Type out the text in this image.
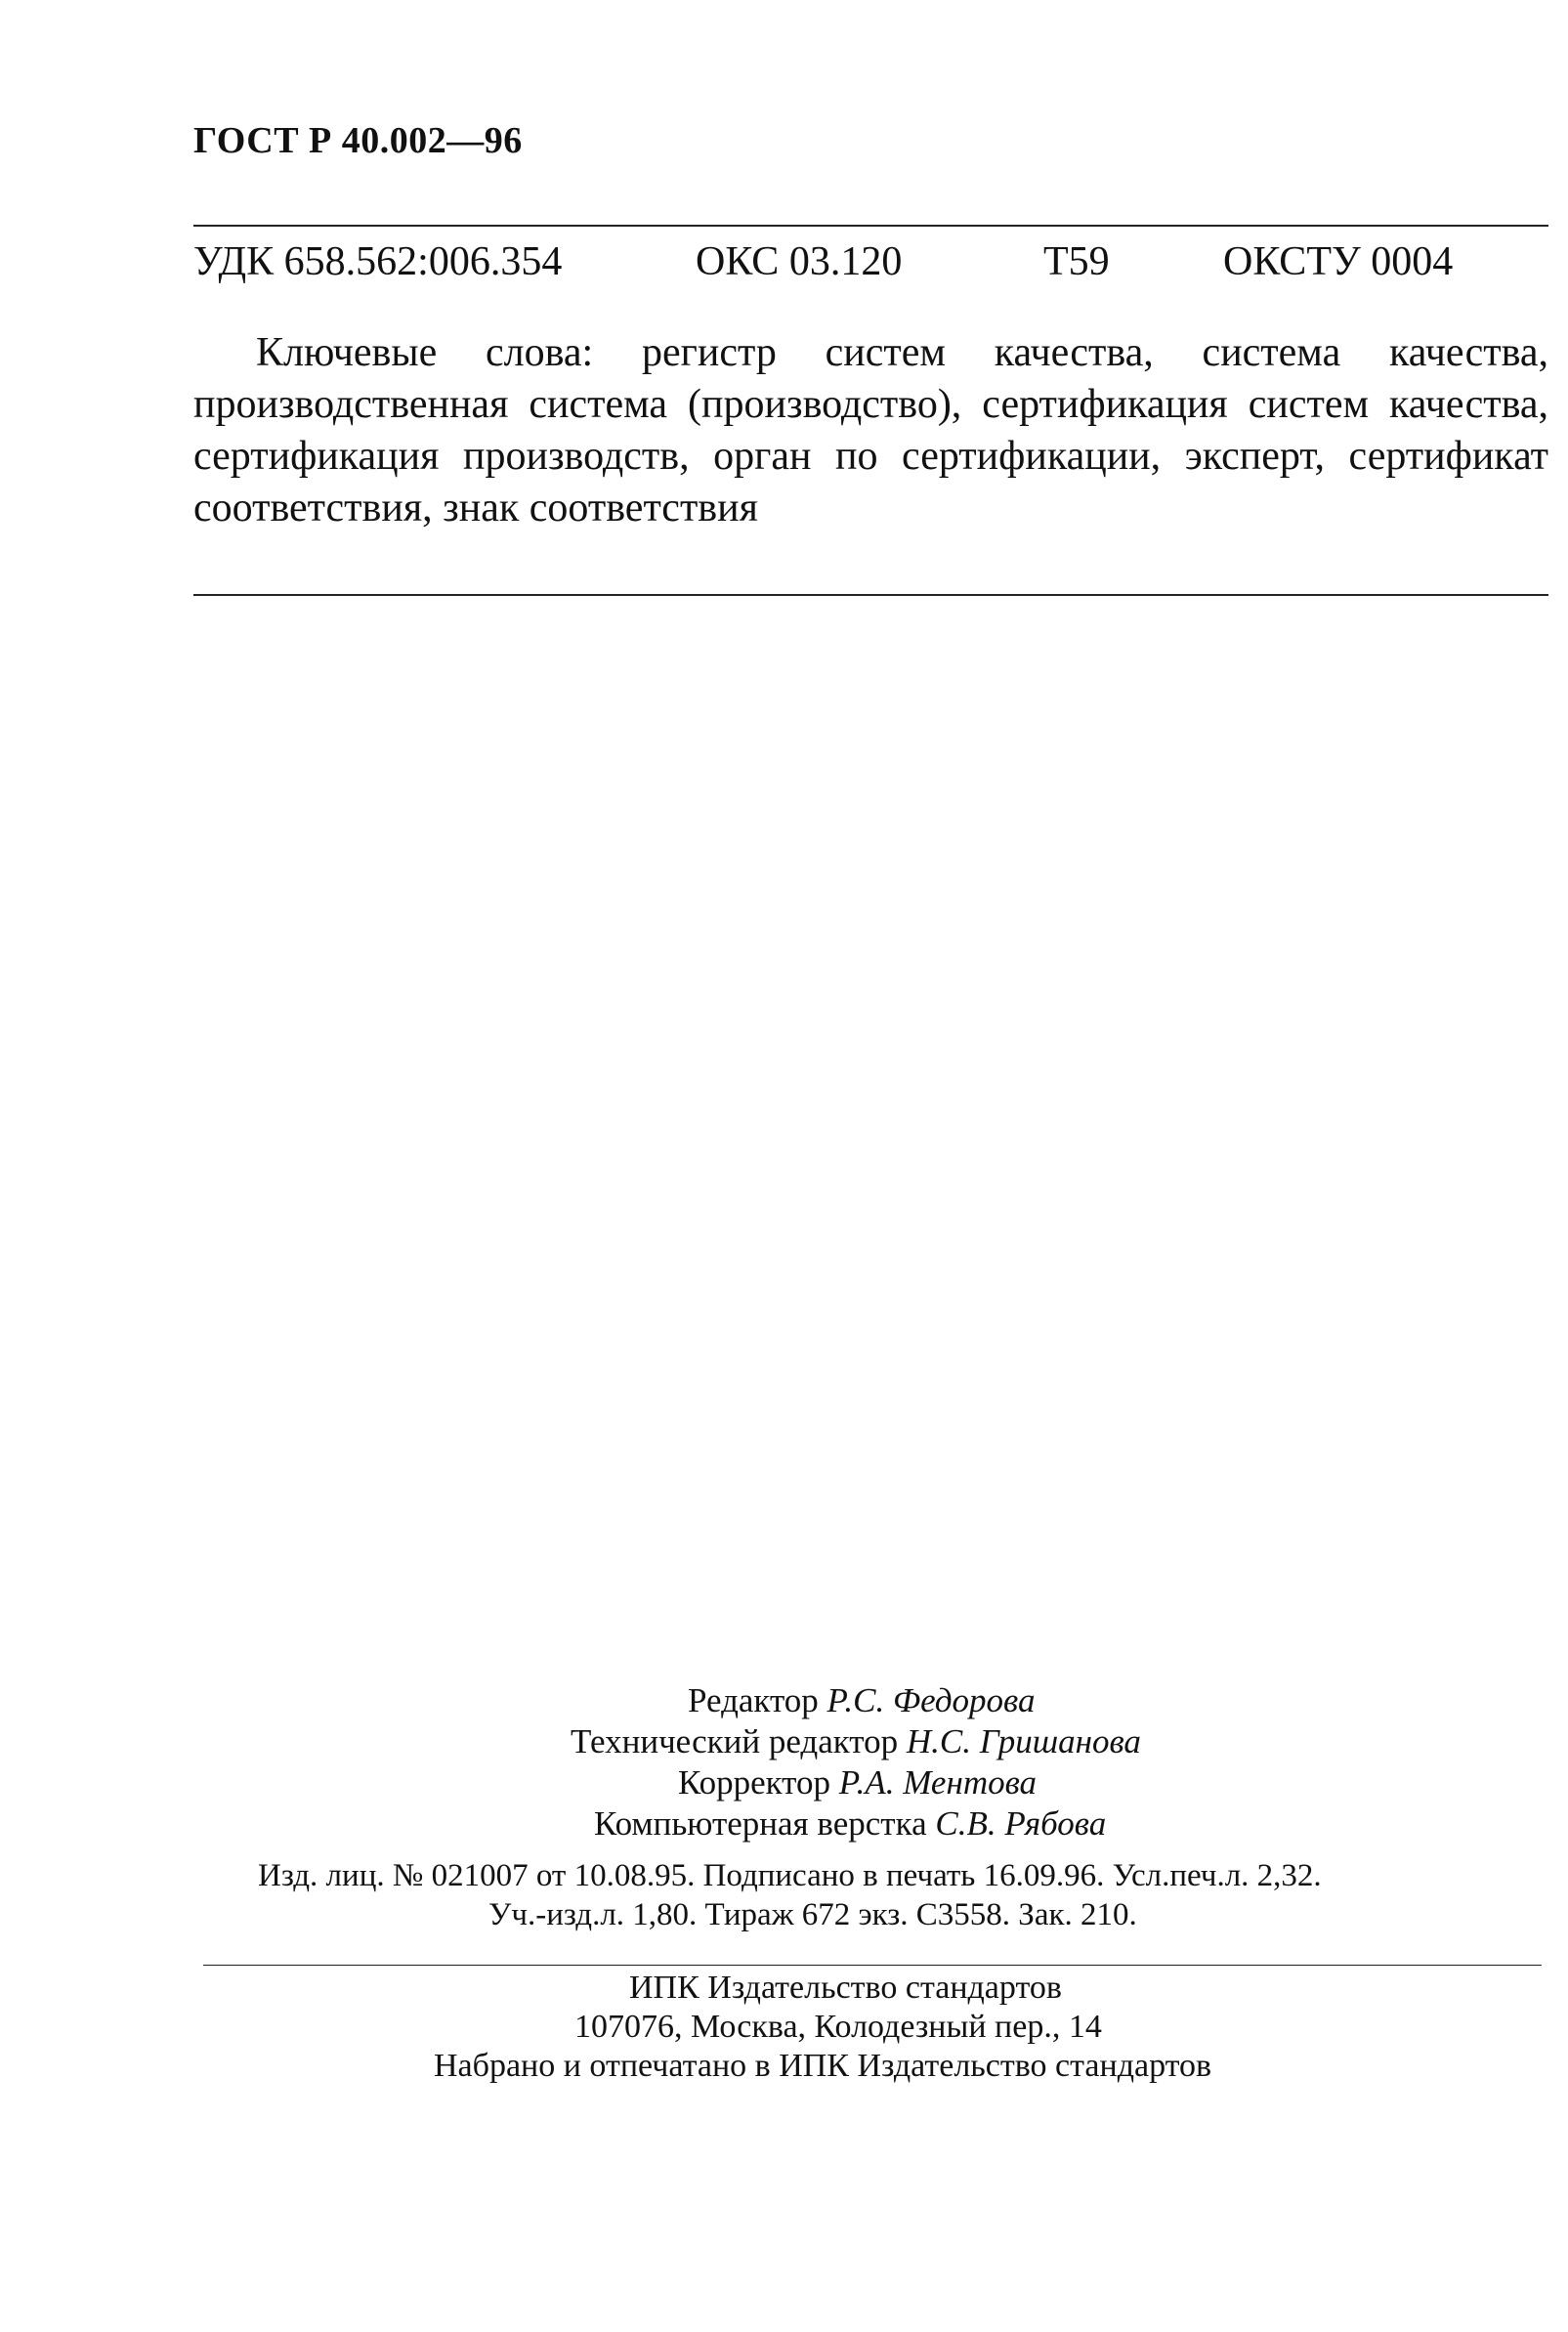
ГОСТ Р 40.002—96
УДК 658.562:006.354	ОКС 03.120	Т59	ОКСТУ 0004

Ключевые слова: регистр систем качества, система качества, производственная система (производство), сертификация систем качества, сертификация производств, орган по сертификации, эксперт, сертификат соответствия, знак соответствия

Редактор Р.С. Федорова
Технический редактор Н.С. Гришанова
Корректор Р.А. Ментова
Компьютерная верстка С.В. Рябова
Изд. лиц. № 021007 от 10.08.95. Подписано в печать 16.09.96. Усл.печ.л. 2,32.
Уч.-изд.л. 1,80. Тираж 672 экз. С3558. Зак. 210.
ИПК Издательство стандартов
107076, Москва, Колодезный пер., 14
Набрано и отпечатано в ИПК Издательство стандартов
